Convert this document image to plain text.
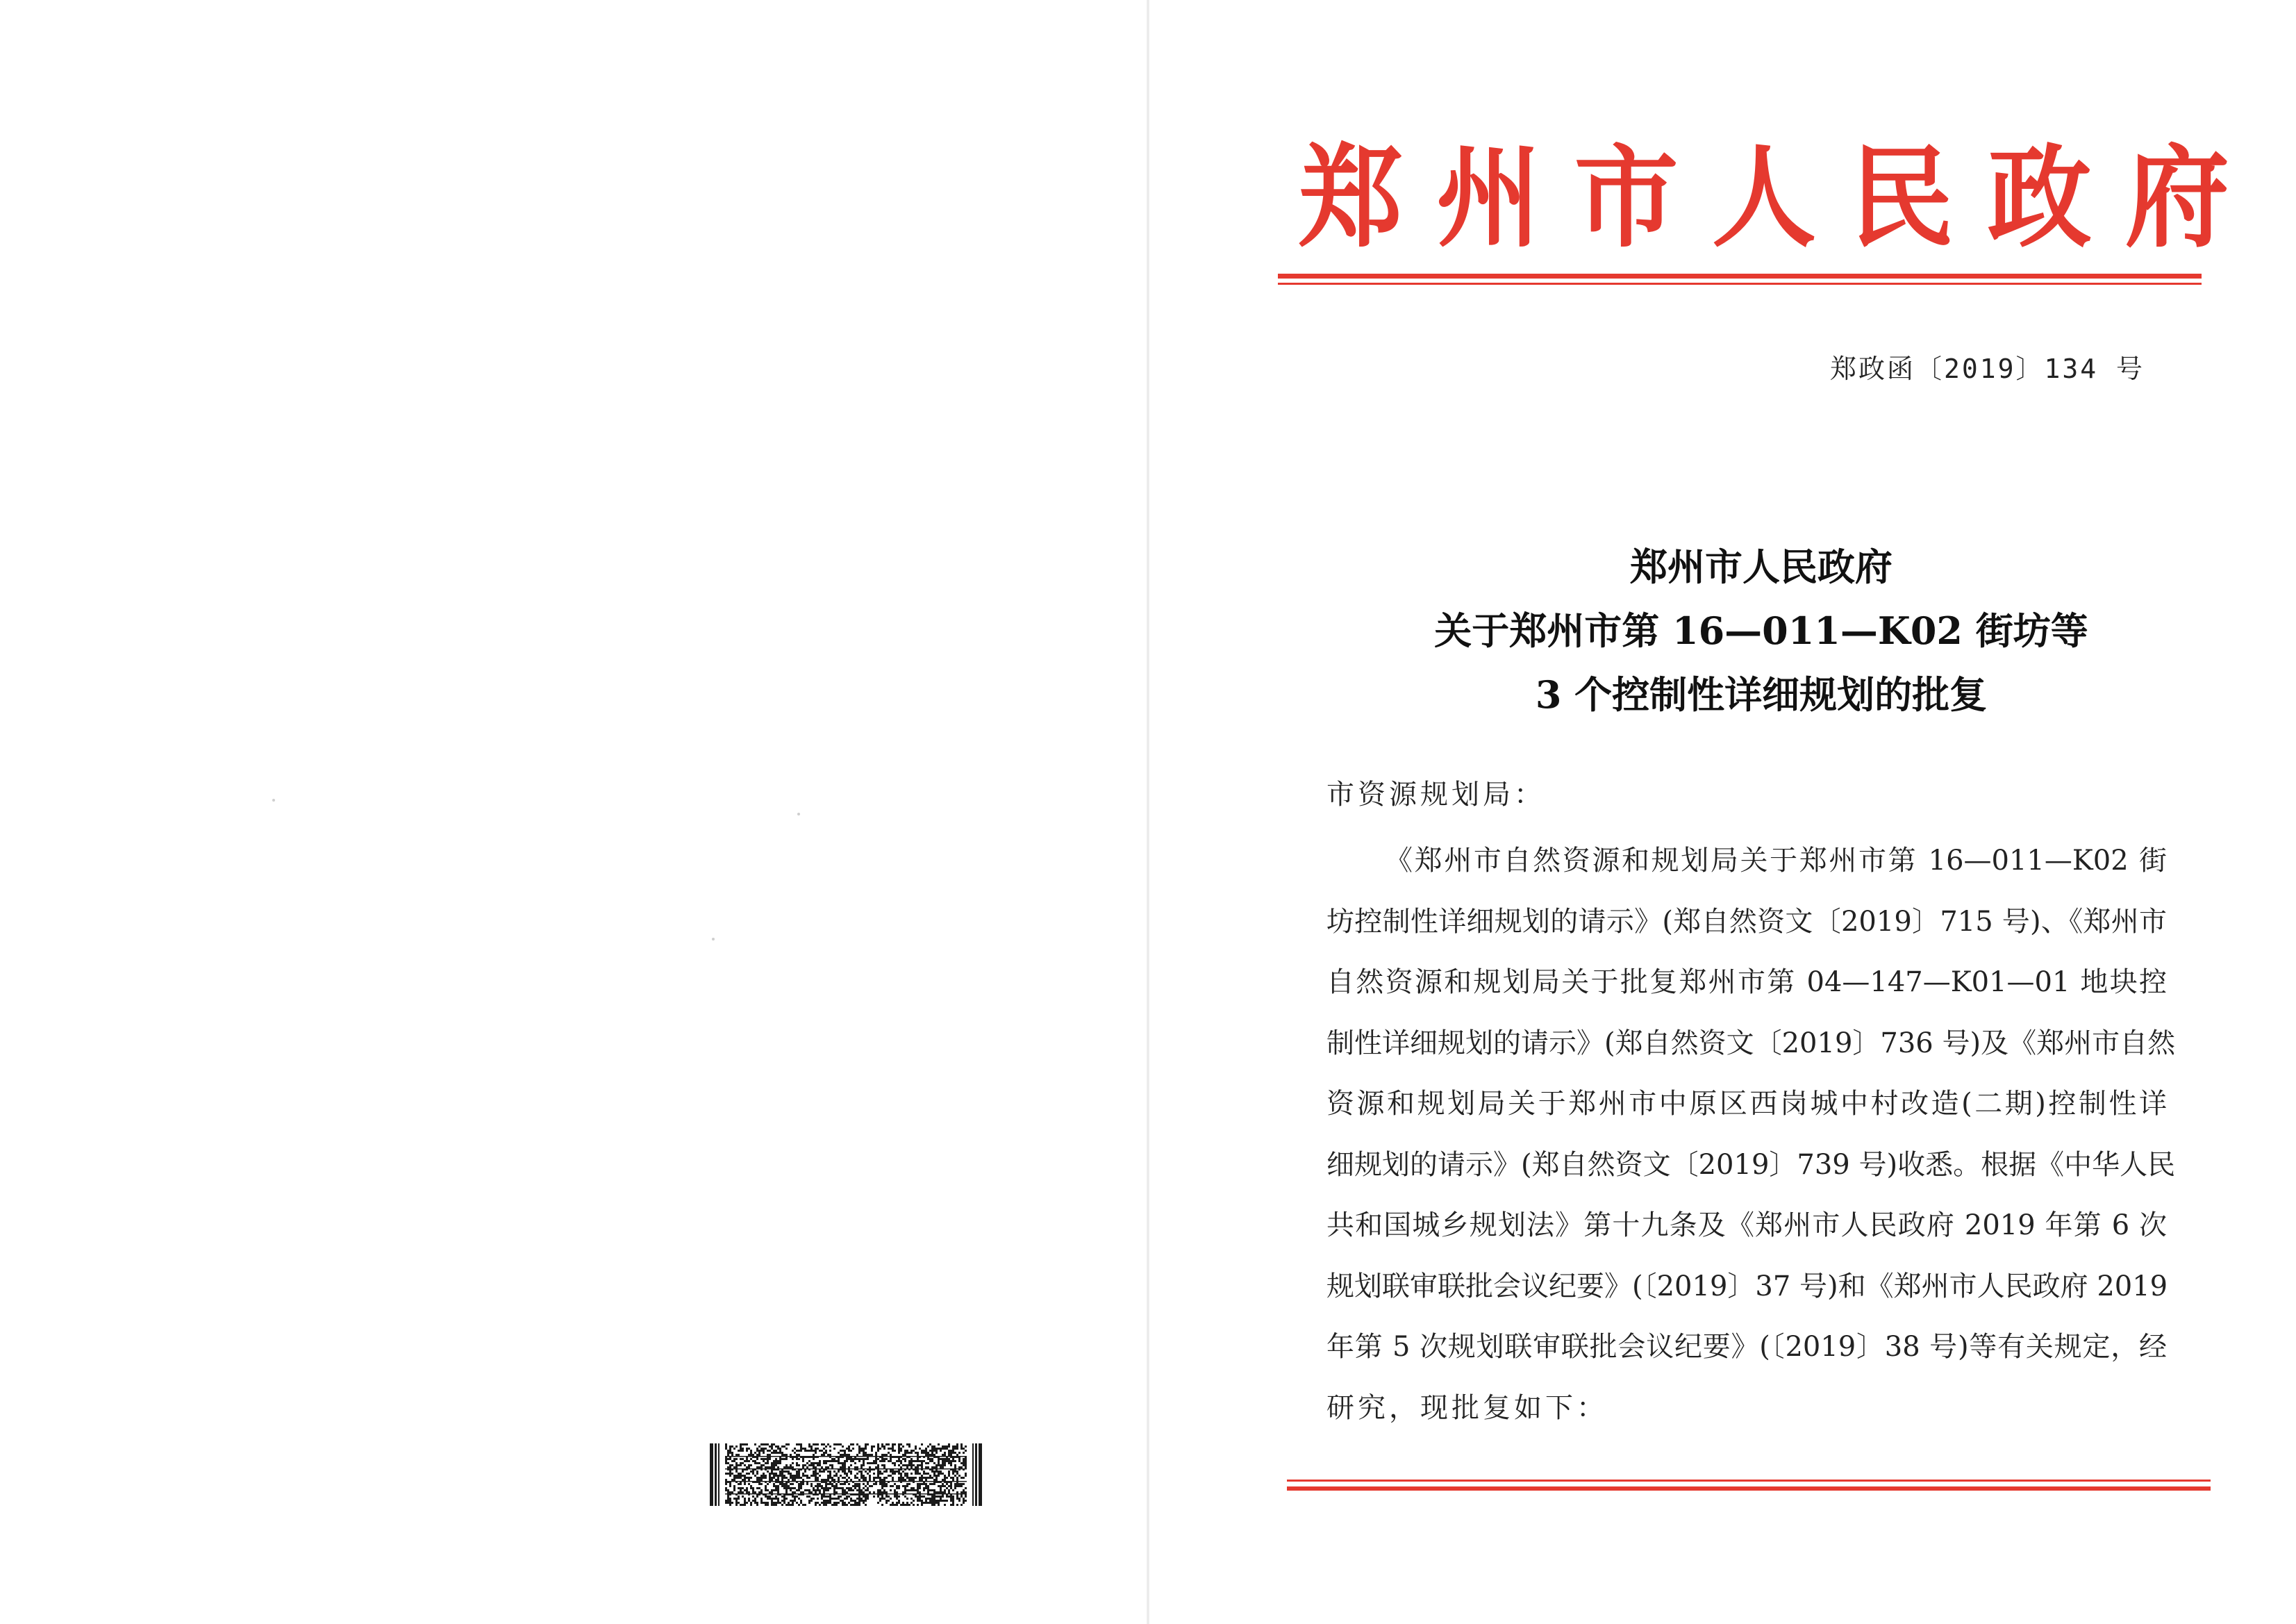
郑 州 市 人 民 政 府
郑政函〔2019〕134 号
郑州市人民政府
关于郑州市第 16—011—K02 街坊等
3 个控制性详细规划的批复
市资源规划局：
《郑州市自然资源和规划局关于郑州市第 16—011—K02 街
坊控制性详细规划的请示》(郑自然资文〔2019〕715 号)、《郑州市
自然资源和规划局关于批复郑州市第 04—147—K01—01 地块控
制性详细规划的请示》(郑自然资文〔2019〕736 号)及《郑州市自然
资源和规划局关于郑州市中原区西岗城中村改造(二期)控制性详
细规划的请示》(郑自然资文〔2019〕739 号)收悉。根据《中华人民
共和国城乡规划法》第十九条及《郑州市人民政府 2019 年第 6 次
规划联审联批会议纪要》(〔2019〕37 号)和《郑州市人民政府 2019
年第 5 次规划联审联批会议纪要》(〔2019〕38 号)等有关规定，经
研究，现批复如下：
